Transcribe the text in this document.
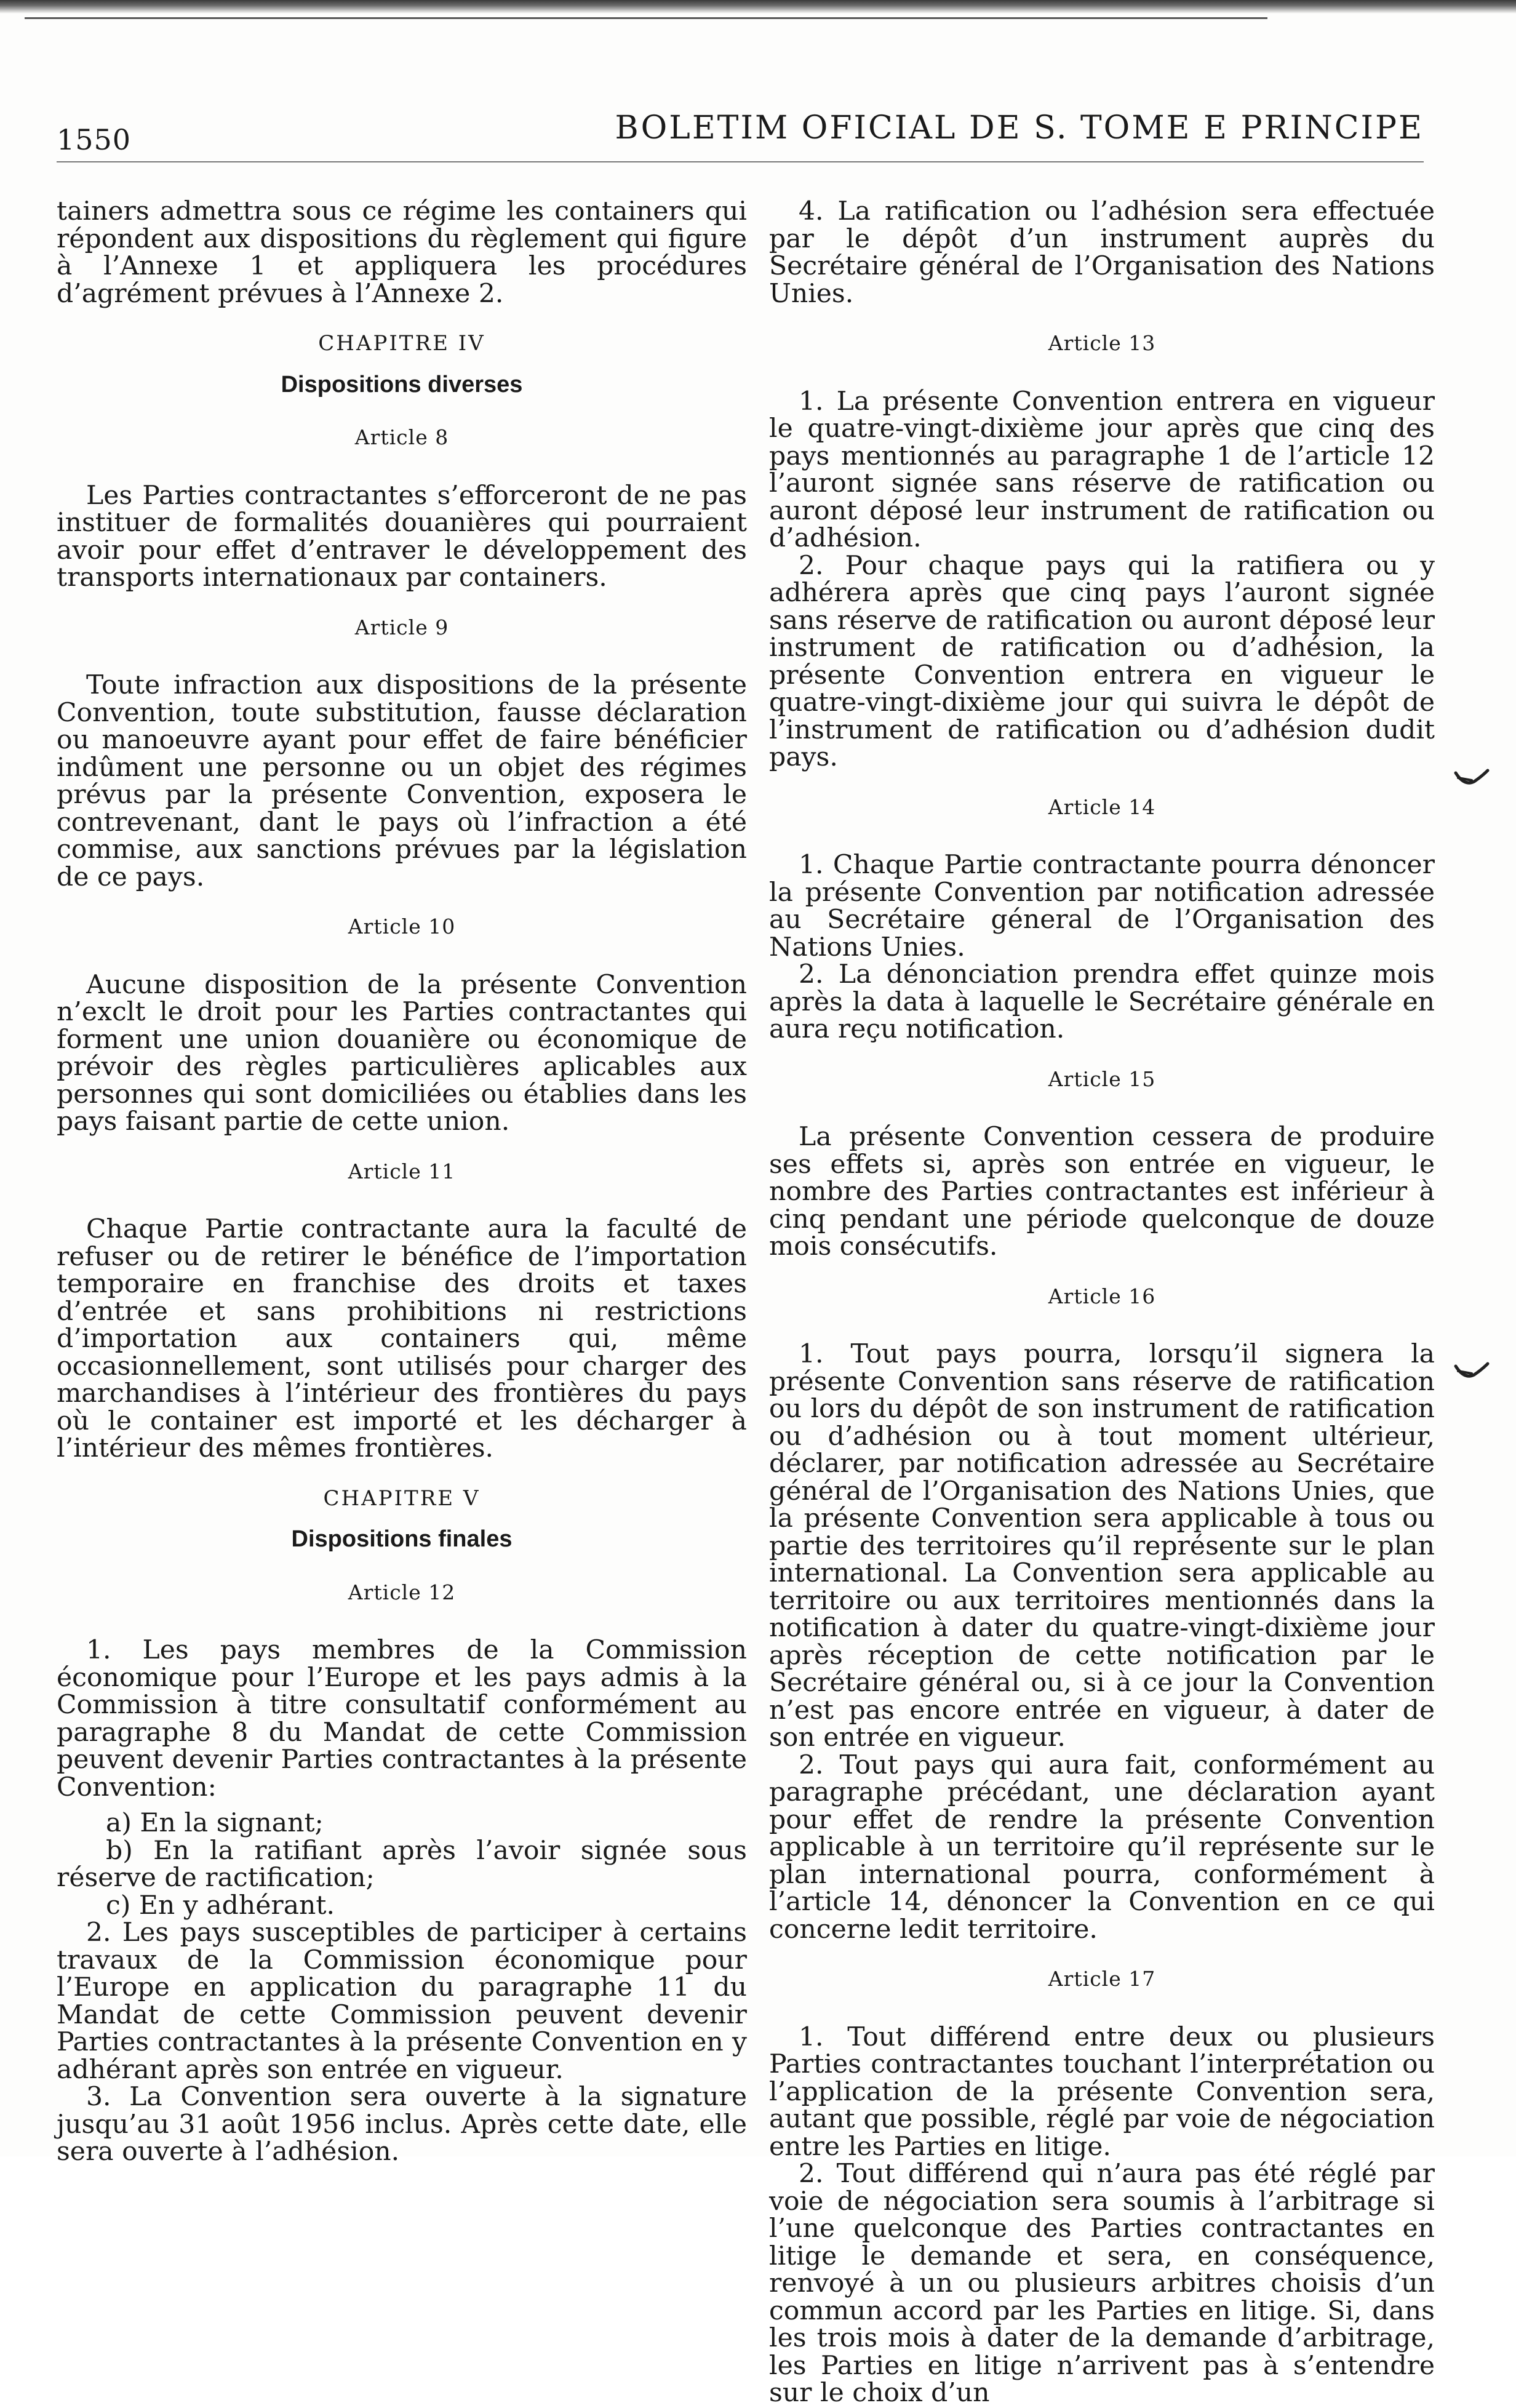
1550	BOLETIM OFICIAL DE S. TOME E PRINCIPE

tainers admettra sous ce régime les containers qui répondent aux dispositions du règlement qui figure à l’Annexe 1 et appliquera les procédures d’agrément prévues à l’Annexe 2.

CHAPITRE IV
Dispositions diverses
Article 8

Les Parties contractantes s’efforceront de ne pas instituer de formalités douanières qui pourraient avoir pour effet d’entraver le développement des transports internationaux par containers.

Article 9

Toute infraction aux dispositions de la présente Convention, toute substitution, fausse déclaration ou manoeuvre ayant pour effet de faire bénéficier indûment une personne ou un objet des régimes prévus par la présente Convention, exposera le contrevenant, dant le pays où l’infraction a été commise, aux sanctions prévues par la législation de ce pays.

Article 10

Aucune disposition de la présente Convention n’exclt le droit pour les Parties contractantes qui forment une union douanière ou économique de prévoir des règles particulières aplicables aux personnes qui sont domiciliées ou établies dans les pays faisant partie de cette union.

Article 11

Chaque Partie contractante aura la faculté de refuser ou de retirer le bénéfice de l’importation temporaire en franchise des droits et taxes d’entrée et sans prohibitions ni restrictions d’importation aux containers qui, même occasionnellement, sont utilisés pour charger des marchandises à l’intérieur des frontières du pays où le container est importé et les décharger à l’intérieur des mêmes frontières.

CHAPITRE V
Dispositions finales
Article 12

1. Les pays membres de la Commission économique pour l’Europe et les pays admis à la Commission à titre consultatif conformément au paragraphe 8 du Mandat de cette Commission peuvent devenir Parties contractantes à la présente Convention:

a) En la signant;

b) En la ratifiant après l’avoir signée sous réserve de ractification;

c) En y adhérant.

2. Les pays susceptibles de participer à certains travaux de la Commission économique pour l’Europe en application du paragraphe 11 du Mandat de cette Commission peuvent devenir Parties contractantes à la présente Convention en y adhérant après son entrée en vigueur.

3. La Convention sera ouverte à la signature jusqu’au 31 août 1956 inclus. Après cette date, elle sera ouverte à l’adhésion.

4. La ratification ou l’adhésion sera effectuée par le dépôt d’un instrument auprès du Secrétaire général de l’Organisation des Nations Unies.

Article 13

1. La présente Convention entrera en vigueur le quatre-vingt-dixième jour après que cinq des pays mentionnés au paragraphe 1 de l’article 12 l’auront signée sans réserve de ratification ou auront déposé leur instrument de ratification ou d’adhésion.

2. Pour chaque pays qui la ratifiera ou y adhérera après que cinq pays l’auront signée sans réserve de ratification ou auront déposé leur instrument de ratification ou d’adhésion, la présente Convention entrera en vigueur le quatre-vingt-dixième jour qui suivra le dépôt de l’instrument de ratification ou d’adhésion dudit pays.

Article 14

1. Chaque Partie contractante pourra dénoncer la présente Convention par notification adressée au Secrétaire géneral de l’Organisation des Nations Unies.

2. La dénonciation prendra effet quinze mois après la data à laquelle le Secrétaire générale en aura reçu notification.

Article 15

La présente Convention cessera de produire ses effets si, après son entrée en vigueur, le nombre des Parties contractantes est inférieur à cinq pendant une période quelconque de douze mois consécutifs.

Article 16

1. Tout pays pourra, lorsqu’il signera la présente Convention sans réserve de ratification ou lors du dépôt de son instrument de ratification ou d’adhésion ou à tout moment ultérieur, déclarer, par notification adressée au Secrétaire général de l’Organisation des Nations Unies, que la présente Convention sera applicable à tous ou partie des territoires qu’il représente sur le plan international. La Convention sera applicable au territoire ou aux territoires mentionnés dans la notification à dater du quatre-vingt-dixième jour après réception de cette notification par le Secrétaire général ou, si à ce jour la Convention n’est pas encore entrée en vigueur, à dater de son entrée en vigueur.

2. Tout pays qui aura fait, conformément au paragraphe précédant, une déclaration ayant pour effet de rendre la présente Convention applicable à un territoire qu’il représente sur le plan international pourra, conformément à l’article 14, dénoncer la Convention en ce qui concerne ledit territoire.

Article 17

1. Tout différend entre deux ou plusieurs Parties contractantes touchant l’interprétation ou l’application de la présente Convention sera, autant que possible, réglé par voie de négociation entre les Parties en litige.

2. Tout différend qui n’aura pas été réglé par voie de négociation sera soumis à l’arbitrage si l’une quelconque des Parties contractantes en litige le demande et sera, en conséquence, renvoyé à un ou plusieurs arbitres choisis d’un commun accord par les Parties en litige. Si, dans les trois mois à dater de la demande d’arbitrage, les Parties en litige n’arrivent pas à s’entendre sur le choix d’un
